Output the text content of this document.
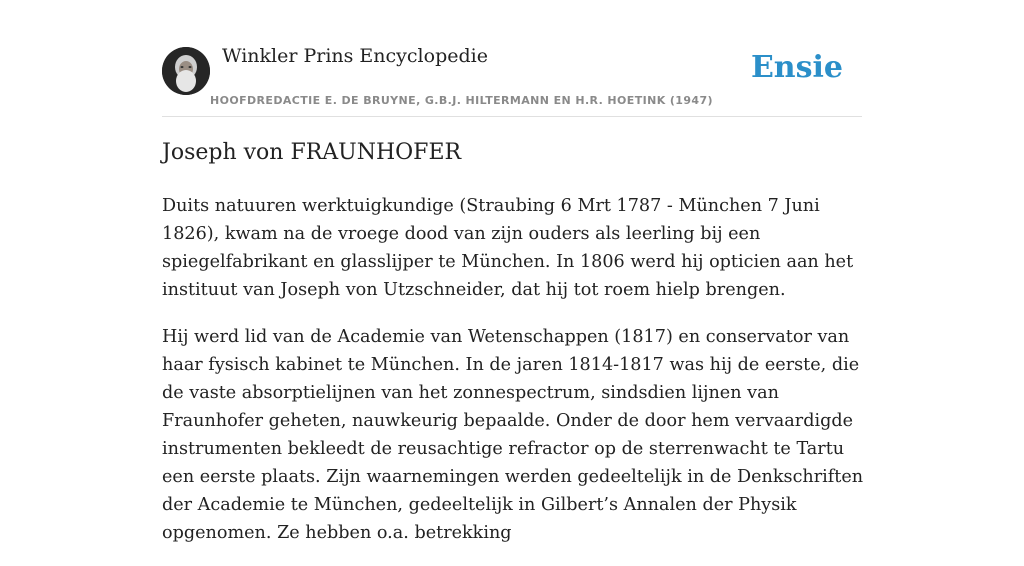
Winkler Prins Encyclopedie
HOOFDREDACTIE E. DE BRUYNE, G.B.J. HILTERMANN EN H.R. HOETINK (1947)
Ensie
Joseph von FRAUNHOFER

Duits natuuren werktuigkundige (Straubing 6 Mrt 1787 - München 7 Juni 1826), kwam na de vroege dood van zijn ouders als leerling bij een spiegelfabrikant en glasslijper te München. In 1806 werd hij opticien aan het instituut van Joseph von Utzschneider, dat hij tot roem hielp brengen.

Hij werd lid van de Academie van Wetenschappen (1817) en conservator van haar fysisch kabinet te München. In de jaren 1814-1817 was hij de eerste, die de vaste absorptielijnen van het zonnespectrum, sindsdien lijnen van Fraunhofer geheten, nauwkeurig bepaalde. Onder de door hem vervaardigde instrumenten bekleedt de reusachtige refractor op de sterrenwacht te Tartu een eerste plaats. Zijn waarnemingen werden gedeeltelijk in de Denkschriften der Academie te München, gedeeltelijk in Gilbert’s Annalen der Physik opgenomen. Ze hebben o.a. betrekking
